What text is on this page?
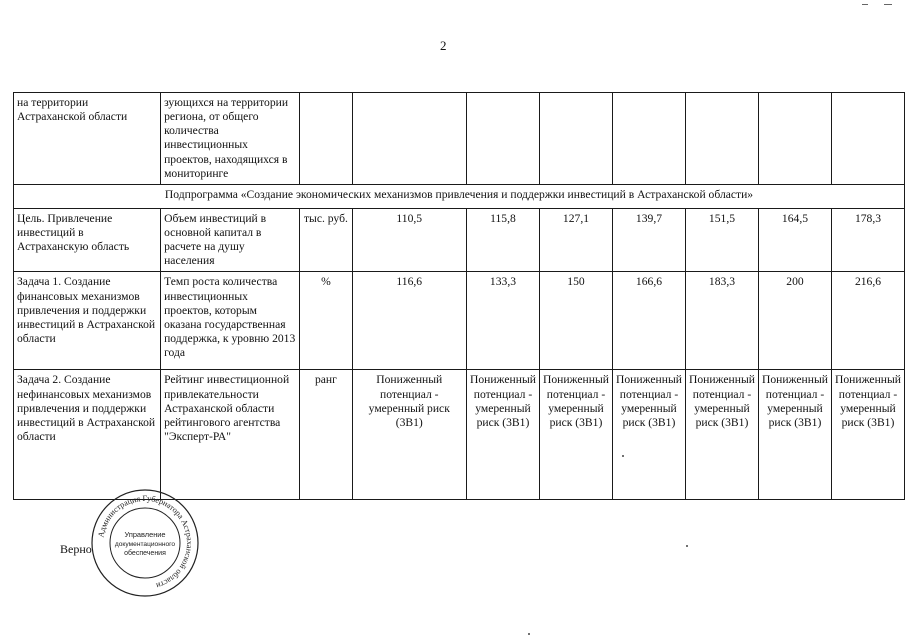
2
на территории Астраханской области	зующихся на территории региона, от общего количества инвестиционных проектов, находящихся в мониторинге								
Подпрограмма «Создание экономических механизмов привлечения и поддержки инвестиций в Астраханской области»									
Цель. Привлечение инвестиций в Астраханскую область	Объем инвестиций в основной капитал в расчете на душу населения	тыс. руб.	110,5	115,8	127,1	139,7	151,5	164,5	178,3
Задача 1. Создание финансовых механизмов привлечения и поддержки инвестиций в Астраханской области	Темп роста количества инвестиционных проектов, которым оказана государственная поддержка, к уровню 2013 года	%	116,6	133,3	150	166,6	183,3	200	216,6
Задача 2. Создание нефинансовых механизмов привлечения и поддержки инвестиций в Астраханской области	Рейтинг инвестиционной привлекательности Астраханской области рейтингового агентства "Эксперт-РА"	ранг	Пониженный потенциал - умеренный риск (3В1)	Пониженный потенциал - умеренный риск (3В1)	Пониженный потенциал - умеренный риск (3В1)	Пониженный потенциал - умеренный риск (3В1)	Пониженный потенциал - умеренный риск (3В1)	Пониженный потенциал - умеренный риск (3В1)	Пониженный потенциал - умеренный риск (3В1)
Верно
Администрация Губернатора Астраханской области
Управление
документационного
обеспечения
